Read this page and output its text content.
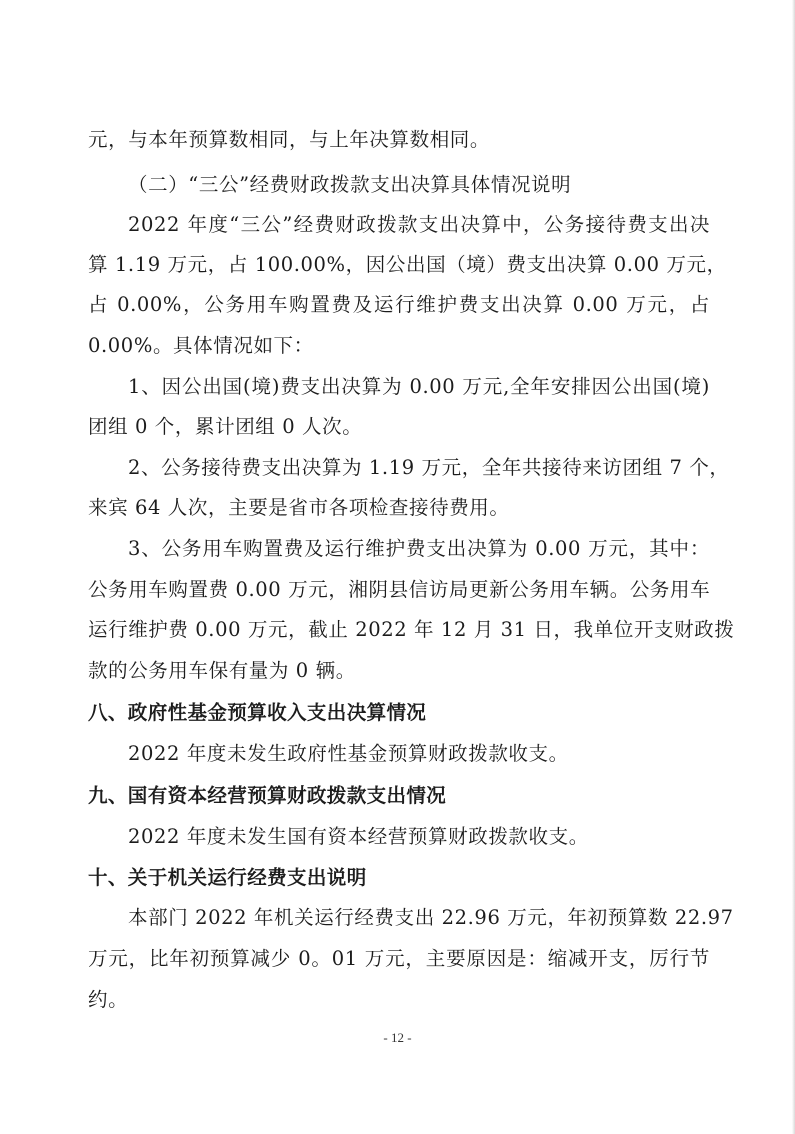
元，与本年预算数相同，与上年决算数相同。
（二）“三公”经费财政拨款支出决算具体情况说明
2022 年度“三公”经费财政拨款支出决算中，公务接待费支出决
算 1.19 万元，占 100.00%，因公出国（境）费支出决算 0.00 万元，
占 0.00%，公务用车购置费及运行维护费支出决算 0.00 万元，占
0.00%。具体情况如下：
1、因公出国(境)费支出决算为 0.00 万元,全年安排因公出国(境)
团组 0 个，累计团组 0 人次。
2、公务接待费支出决算为 1.19 万元，全年共接待来访团组 7 个，
来宾 64 人次，主要是省市各项检查接待费用。
3、公务用车购置费及运行维护费支出决算为 0.00 万元，其中：
公务用车购置费 0.00 万元，湘阴县信访局更新公务用车辆。公务用车
运行维护费 0.00 万元，截止 2022 年 12 月 31 日，我单位开支财政拨
款的公务用车保有量为 0 辆。
八、政府性基金预算收入支出决算情况
2022 年度未发生政府性基金预算财政拨款收支。
九、国有资本经营预算财政拨款支出情况
2022 年度未发生国有资本经营预算财政拨款收支。
十、关于机关运行经费支出说明
本部门 2022 年机关运行经费支出 22.96 万元，年初预算数 22.97
万元，比年初预算减少 0。01 万元，主要原因是：缩减开支，厉行节
约。
- 12 -
